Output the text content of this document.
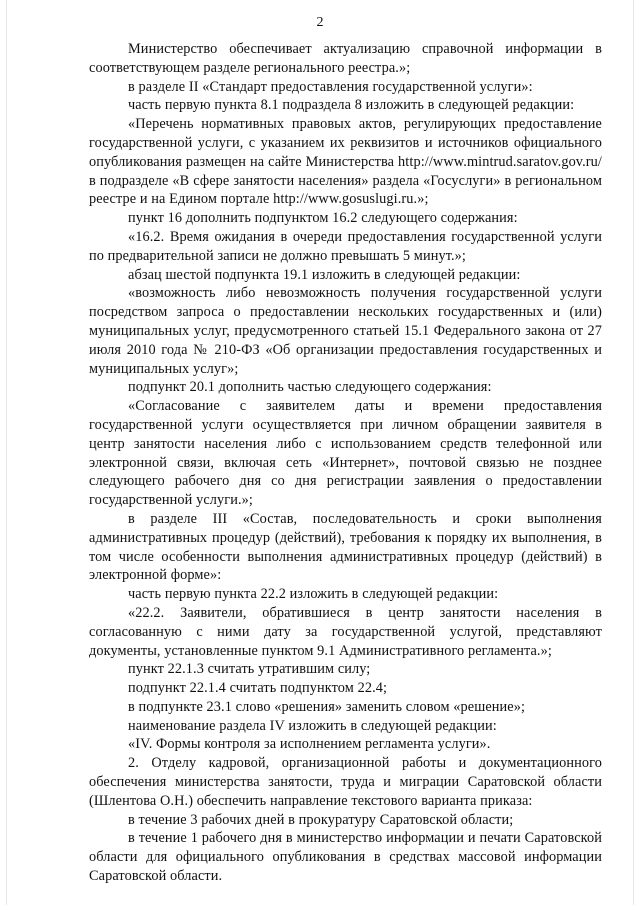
2

Министерство обеспечивает актуализацию справочной информации в соответствующем разделе регионального реестра.»;

в разделе II «Стандарт предоставления государственной услуги»:

часть первую пункта 8.1 подраздела 8 изложить в следующей редакции:

«Перечень нормативных правовых актов, регулирующих предоставление государственной услуги, с указанием их реквизитов и источников официального опубликования размещен на сайте Министерства http://www.mintrud.saratov.gov.ru/ в подразделе «В сфере занятости населения» раздела «Госуслуги» в региональном реестре и на Едином портале http://www.gosuslugi.ru.»;

пункт 16 дополнить подпунктом 16.2 следующего содержания:

«16.2. Время ожидания в очереди предоставления государственной услуги по предварительной записи не должно превышать 5 минут.»;

абзац шестой подпункта 19.1 изложить в следующей редакции:

«возможность либо невозможность получения государственной услуги посредством запроса о предоставлении нескольких государственных и (или) муниципальных услуг, предусмотренного статьей 15.1 Федерального закона от 27 июля 2010 года № 210-ФЗ «Об организации предоставления государственных и муниципальных услуг»;

подпункт 20.1 дополнить частью следующего содержания:

«Согласование с заявителем даты и времени предоставления государственной услуги осуществляется при личном обращении заявителя в центр занятости населения либо с использованием средств телефонной или электронной связи, включая сеть «Интернет», почтовой связью не позднее следующего рабочего дня со дня регистрации заявления о предоставлении государственной услуги.»;

в разделе III «Состав, последовательность и сроки выполнения административных процедур (действий), требования к порядку их выполнения, в том числе особенности выполнения административных процедур (действий) в электронной форме»:

часть первую пункта 22.2 изложить в следующей редакции:

«22.2. Заявители, обратившиеся в центр занятости населения в согласованную с ними дату за государственной услугой, представляют документы, установленные пунктом 9.1 Административного регламента.»;

пункт 22.1.3 считать утратившим силу;

подпункт 22.1.4 считать подпунктом 22.4;

в подпункте 23.1 слово «решения» заменить словом «решение»;

наименование раздела IV изложить в следующей редакции:

«IV. Формы контроля за исполнением регламента услуги».

2. Отделу кадровой, организационной работы и документационного обеспечения министерства занятости, труда и миграции Саратовской области (Шлентова О.Н.) обеспечить направление текстового варианта приказа:

в течение 3 рабочих дней в прокуратуру Саратовской области;

в течение 1 рабочего дня в министерство информации и печати Саратовской области для официального опубликования в средствах массовой информации Саратовской области.
